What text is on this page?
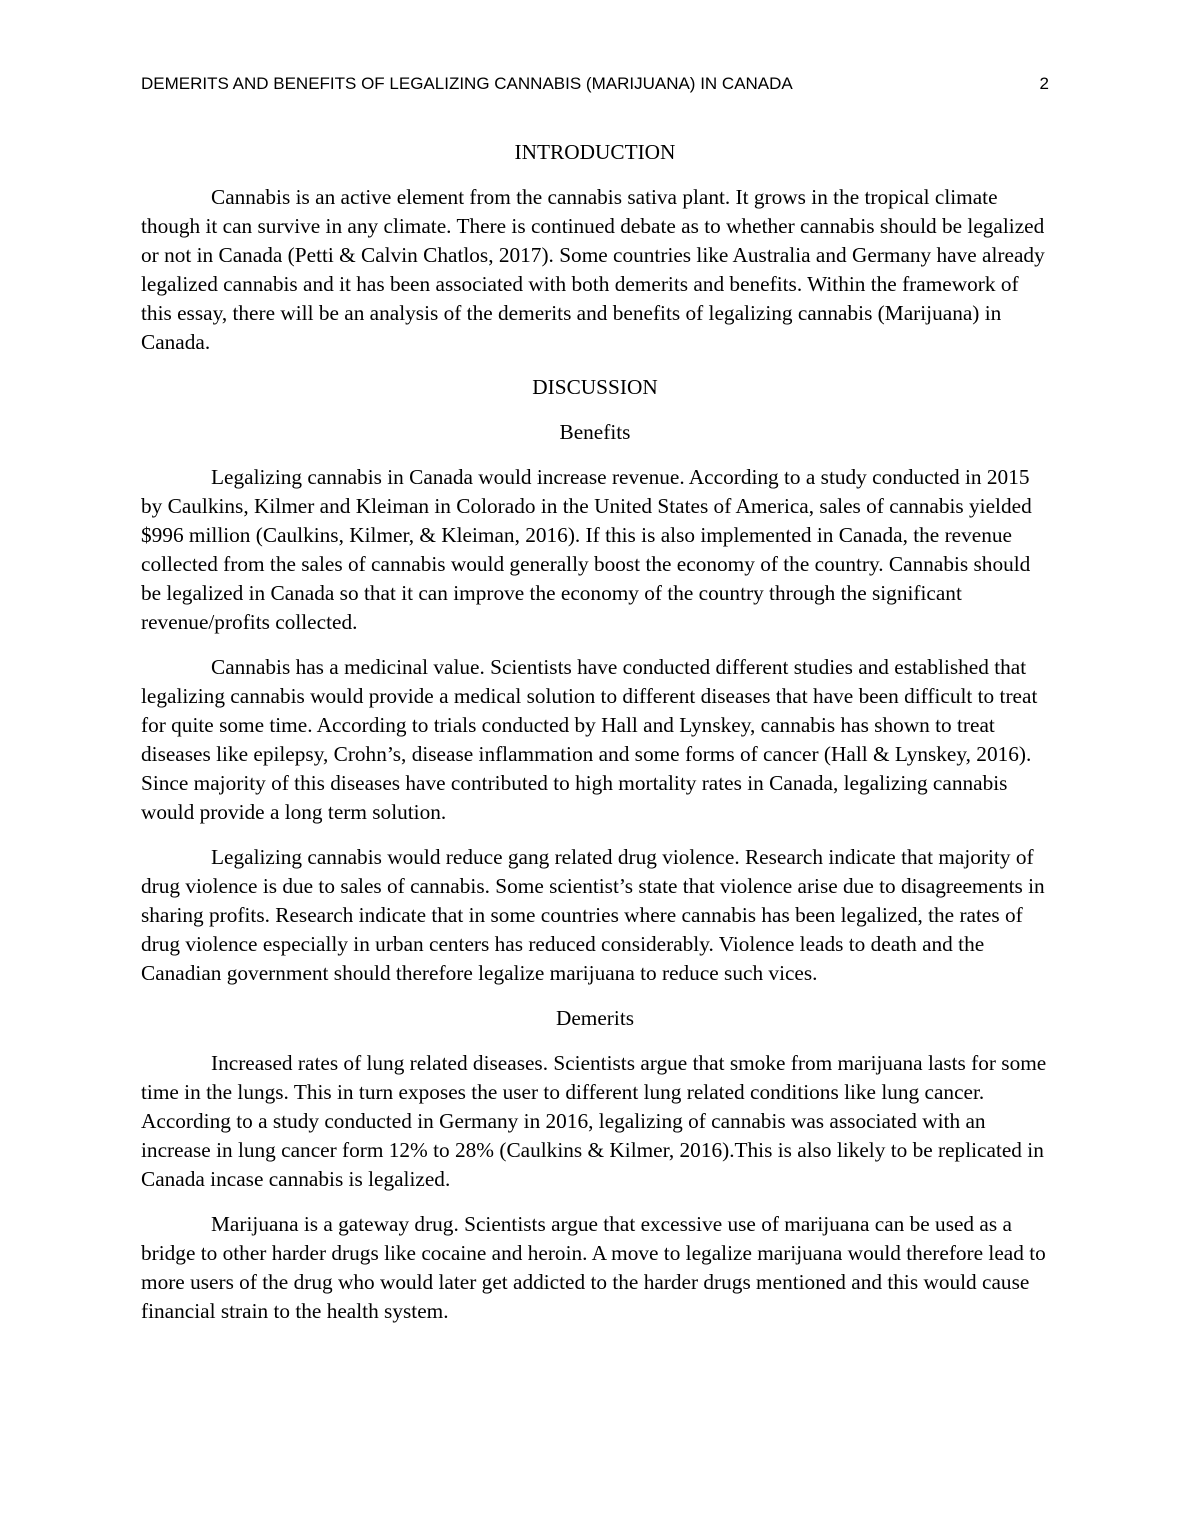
DEMERITS AND BENEFITS OF LEGALIZING CANNABIS (MARIJUANA) IN CANADA	2

INTRODUCTION

Cannabis is an active element from the cannabis sativa plant. It grows in the tropical climate though it can survive in any climate. There is continued debate as to whether cannabis should be legalized or not in Canada (Petti & Calvin Chatlos, 2017). Some countries like Australia and Germany have already legalized cannabis and it has been associated with both demerits and benefits. Within the framework of this essay, there will be an analysis of the demerits and benefits of legalizing cannabis (Marijuana) in Canada.

DISCUSSION

Benefits

Legalizing cannabis in Canada would increase revenue. According to a study conducted in 2015 by Caulkins, Kilmer and Kleiman in Colorado in the United States of America, sales of cannabis yielded $996 million (Caulkins, Kilmer, & Kleiman, 2016). If this is also implemented in Canada, the revenue collected from the sales of cannabis would generally boost the economy of the country. Cannabis should be legalized in Canada so that it can improve the economy of the country through the significant revenue/profits collected.

Cannabis has a medicinal value. Scientists have conducted different studies and established that legalizing cannabis would provide a medical solution to different diseases that have been difficult to treat for quite some time. According to trials conducted by Hall and Lynskey, cannabis has shown to treat diseases like epilepsy, Crohn’s, disease inflammation and some forms of cancer (Hall & Lynskey, 2016). Since majority of this diseases have contributed to high mortality rates in Canada, legalizing cannabis would provide a long term solution.

Legalizing cannabis would reduce gang related drug violence. Research indicate that majority of drug violence is due to sales of cannabis. Some scientist’s state that violence arise due to disagreements in sharing profits. Research indicate that in some countries where cannabis has been legalized, the rates of drug violence especially in urban centers has reduced considerably. Violence leads to death and the Canadian government should therefore legalize marijuana to reduce such vices.

Demerits

Increased rates of lung related diseases. Scientists argue that smoke from marijuana lasts for some time in the lungs. This in turn exposes the user to different lung related conditions like lung cancer. According to a study conducted in Germany in 2016, legalizing of cannabis was associated with an increase in lung cancer form 12% to 28% (Caulkins & Kilmer, 2016).This is also likely to be replicated in Canada incase cannabis is legalized.

Marijuana is a gateway drug. Scientists argue that excessive use of marijuana can be used as a bridge to other harder drugs like cocaine and heroin. A move to legalize marijuana would therefore lead to more users of the drug who would later get addicted to the harder drugs mentioned and this would cause financial strain to the health system.
